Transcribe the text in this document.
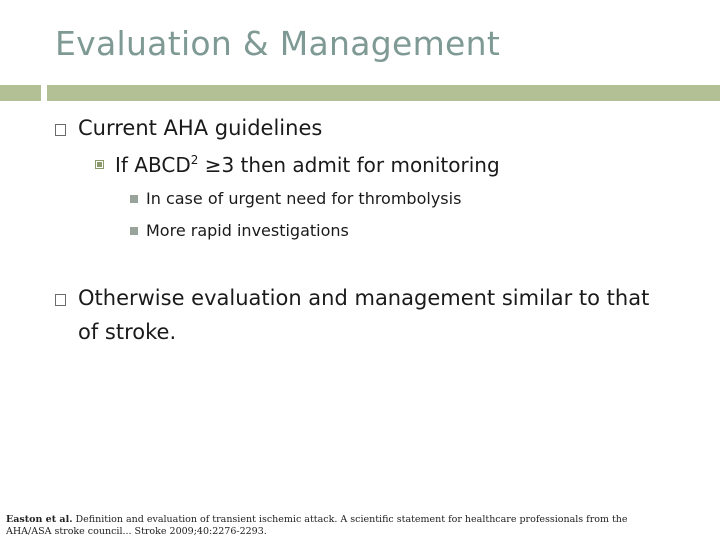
Evaluation & Management
Current AHA guidelines
If $ABCD^2 \ge 3$ then admit for monitoring
In case of urgent need for thrombolysis
More rapid investigations
Otherwise evaluation and management similar to that
of stroke.
Easton et al. Definition and evaluation of transient ischemic attack. A scientific statement for healthcare professionals from the AHA/ASA stroke council... Stroke 2009;40:2276-2293.
